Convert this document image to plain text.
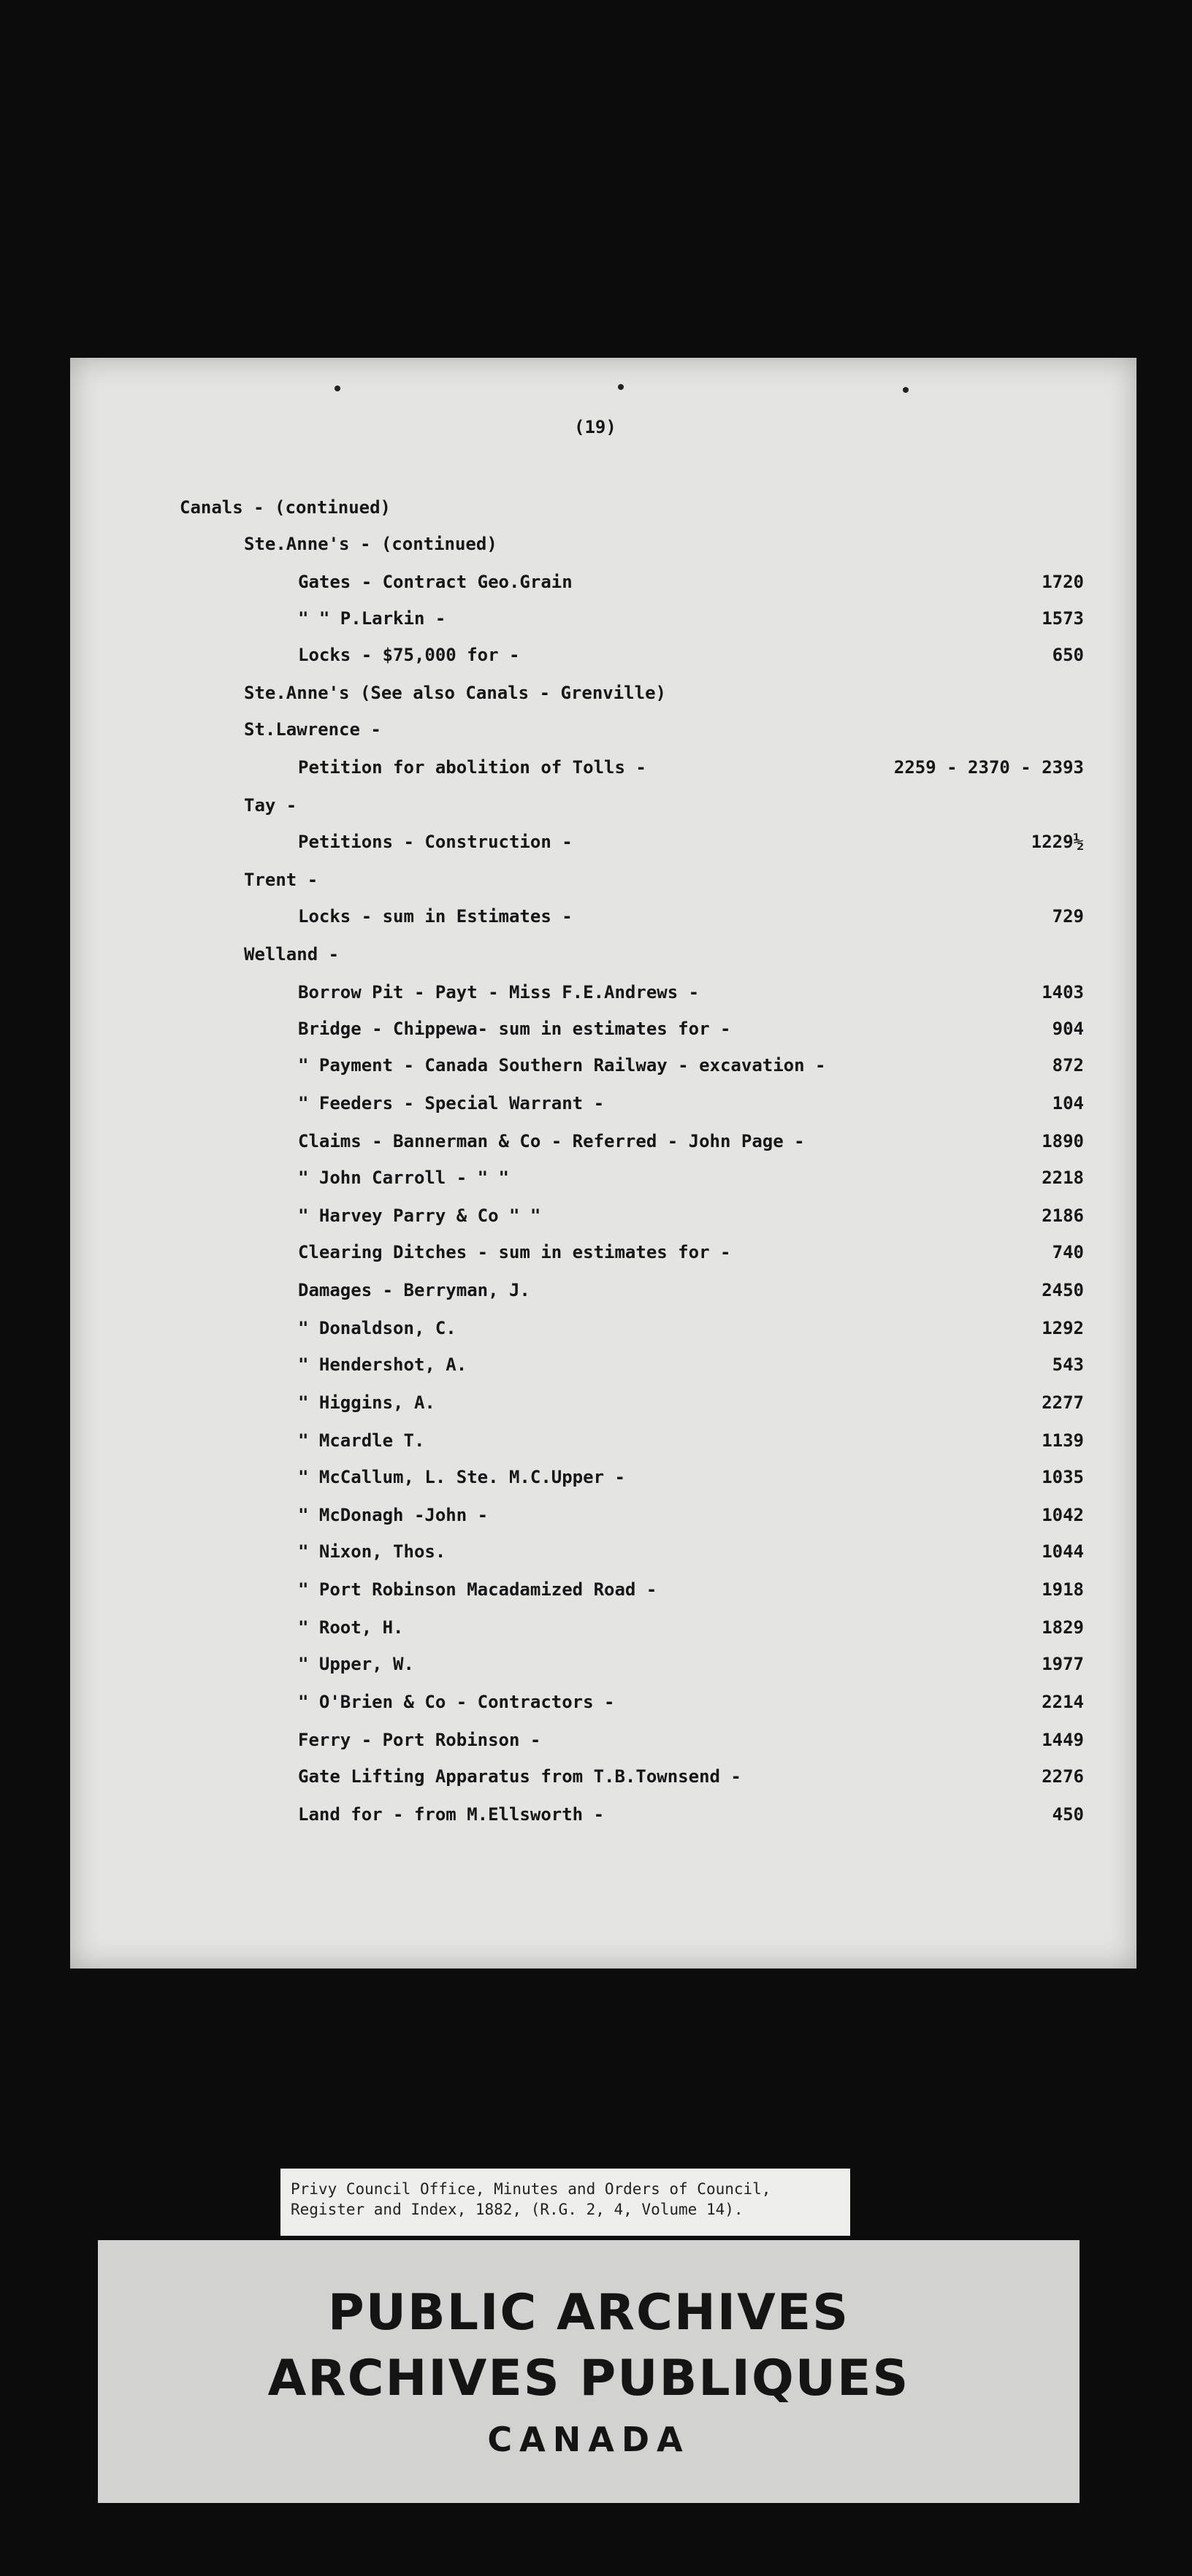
(19)
Canals - (continued)
Ste.Anne's - (continued)
Gates - Contract Geo.Grain	1720
" " P.Larkin -	1573
Locks - $75,000 for -	650
Ste.Anne's (See also Canals - Grenville)
St.Lawrence -
Petition for abolition of Tolls -	2259 - 2370 - 2393
Tay -
Petitions - Construction -	1229½
Trent -
Locks - sum in Estimates -	729
Welland -
Borrow Pit - Payt - Miss F.E.Andrews -	1403
Bridge - Chippewa- sum in estimates for -	904
" Payment - Canada Southern Railway - excavation -	872
" Feeders - Special Warrant -	104
Claims - Bannerman & Co - Referred - John Page -	1890
" John Carroll - " "	2218
" Harvey Parry & Co " "	2186
Clearing Ditches - sum in estimates for -	740
Damages - Berryman, J.	2450
" Donaldson, C.	1292
" Hendershot, A.	543
" Higgins, A.	2277
" Mcardle T.	1139
" McCallum, L. Ste. M.C.Upper -	1035
" McDonagh -John -	1042
" Nixon, Thos.	1044
" Port Robinson Macadamized Road -	1918
" Root, H.	1829
" Upper, W.	1977
" O'Brien & Co - Contractors -	2214
Ferry - Port Robinson -	1449
Gate Lifting Apparatus from T.B.Townsend -	2276
Land for - from M.Ellsworth -	450
Privy Council Office, Minutes and Orders of Council,
Register and Index, 1882, (R.G. 2, 4, Volume 14).
PUBLIC ARCHIVES
ARCHIVES PUBLIQUES
CANADA
